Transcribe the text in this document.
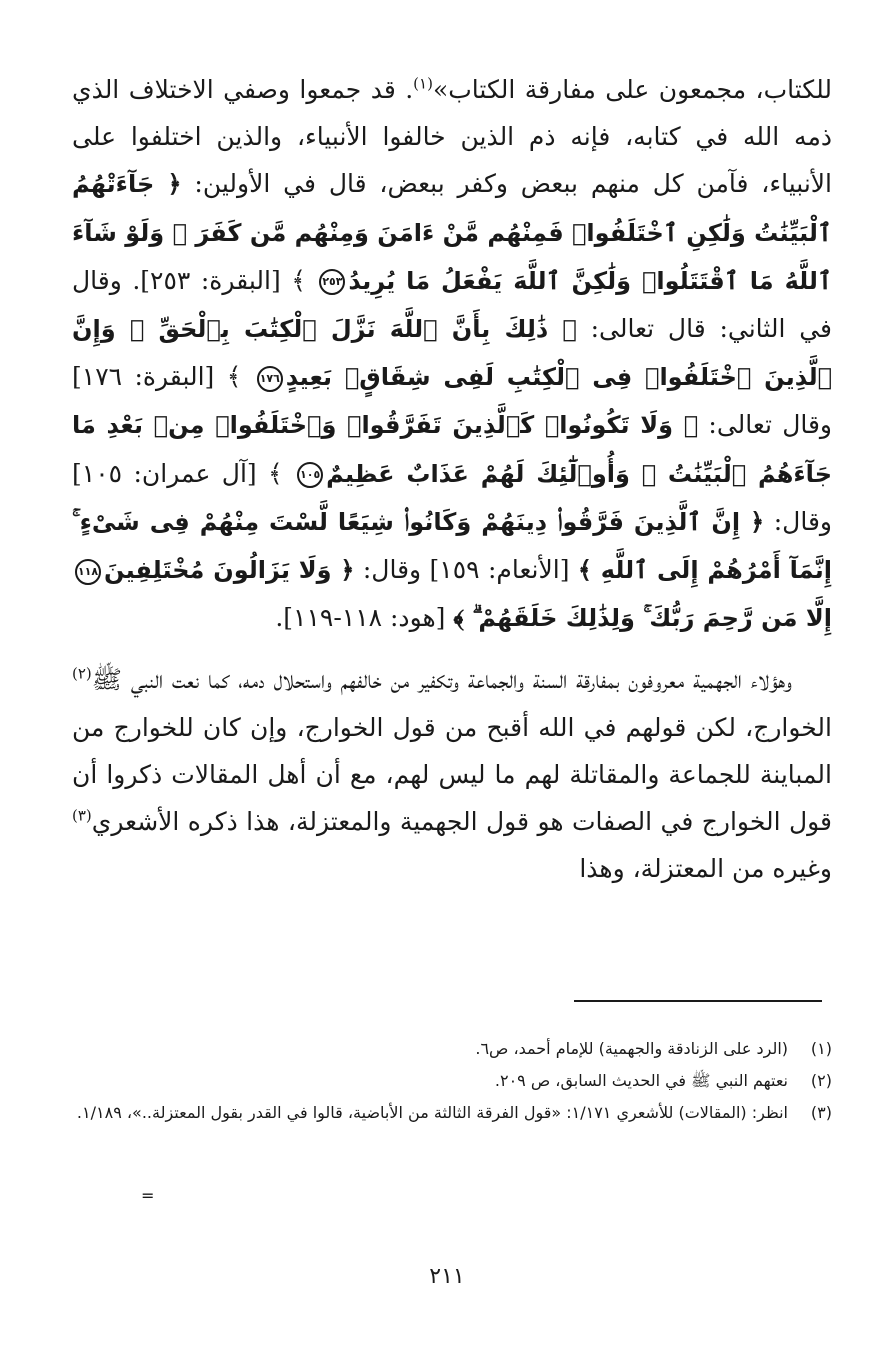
للكتاب، مجمعون على مفارقة الكتاب»$^{(١)}$. قد جمعوا وصفي الاختلاف الذي ذمه الله في كتابه، فإنه ذم الذين خالفوا الأنبياء، والذين اختلفوا على الأنبياء، فآمن كل منهم ببعض وكفر ببعض، قال في الأولين: ﴿ جَآءَتْهُمُ ٱلْبَيِّنَٰتُ وَلَٰكِنِ ٱخْتَلَفُوا۟ فَمِنْهُم مَّنْ ءَامَنَ وَمِنْهُم مَّن كَفَرَ ۚ وَلَوْ شَآءَ ٱللَّهُ مَا ٱقْتَتَلُوا۟ وَلَٰكِنَّ ٱللَّهَ يَفْعَلُ مَا يُرِيدُ٢٥٣ ﴾ [البقرة: ٢٥٣]. وقال في الثاني: قال تعالى: ﴿ ذَٰلِكَ بِأَنَّ ٱللَّهَ نَزَّلَ ٱلْكِتَٰبَ بِٱلْحَقِّ ۗ وَإِنَّ ٱلَّذِينَ ٱخْتَلَفُوا۟ فِى ٱلْكِتَٰبِ لَفِى شِقَاقٍۭ بَعِيدٍ١٧٦ ﴾ [البقرة: ١٧٦] وقال تعالى: ﴿ وَلَا تَكُونُوا۟ كَٱلَّذِينَ تَفَرَّقُوا۟ وَٱخْتَلَفُوا۟ مِنۢ بَعْدِ مَا جَآءَهُمُ ٱلْبَيِّنَٰتُ ۚ وَأُو۟لَٰٓئِكَ لَهُمْ عَذَابٌ عَظِيمٌ١٠٥ ﴾ [آل عمران: ١٠٥] وقال: ﴿ إِنَّ ٱلَّذِينَ فَرَّقُوا۟ دِينَهُمْ وَكَانُوا۟ شِيَعًا لَّسْتَ مِنْهُمْ فِى شَىْءٍ ۚ إِنَّمَآ أَمْرُهُمْ إِلَى ٱللَّهِ ﴾ [الأنعام: ١٥٩] وقال: ﴿ وَلَا يَزَالُونَ مُخْتَلِفِينَ١١٨ إِلَّا مَن رَّحِمَ رَبُّكَ ۚ وَلِذَٰلِكَ خَلَقَهُمْ ۗ ﴾ [هود: ١١٨-١١٩].

وهؤلاء الجهمية معروفون بمفارقة السنة والجماعة وتكفير من خالفهم واستحلال دمه، كما نعت النبي ﷺ$^{(٢)}$ الخوارج، لكن قولهم في الله أقبح من قول الخوارج، وإن كان للخوارج من المباينة للجماعة والمقاتلة لهم ما ليس لهم، مع أن أهل المقالات ذكروا أن قول الخوارج في الصفات هو قول الجهمية والمعتزلة، هذا ذكره الأشعري$^{(٣)}$ وغيره من المعتزلة، وهذا

(١)
(الرد على الزنادقة والجهمية) للإمام أحمد، ص٦.
(٢)
نعتهم النبي ﷺ في الحديث السابق، ص ٢٠٩.
(٣)
انظر: (المقالات) للأشعري ١/١٧١: «قول الفرقة الثالثة من الأباضية، قالوا في القدر بقول المعتزلة..»، ١/١٨٩.
=
٢١١
